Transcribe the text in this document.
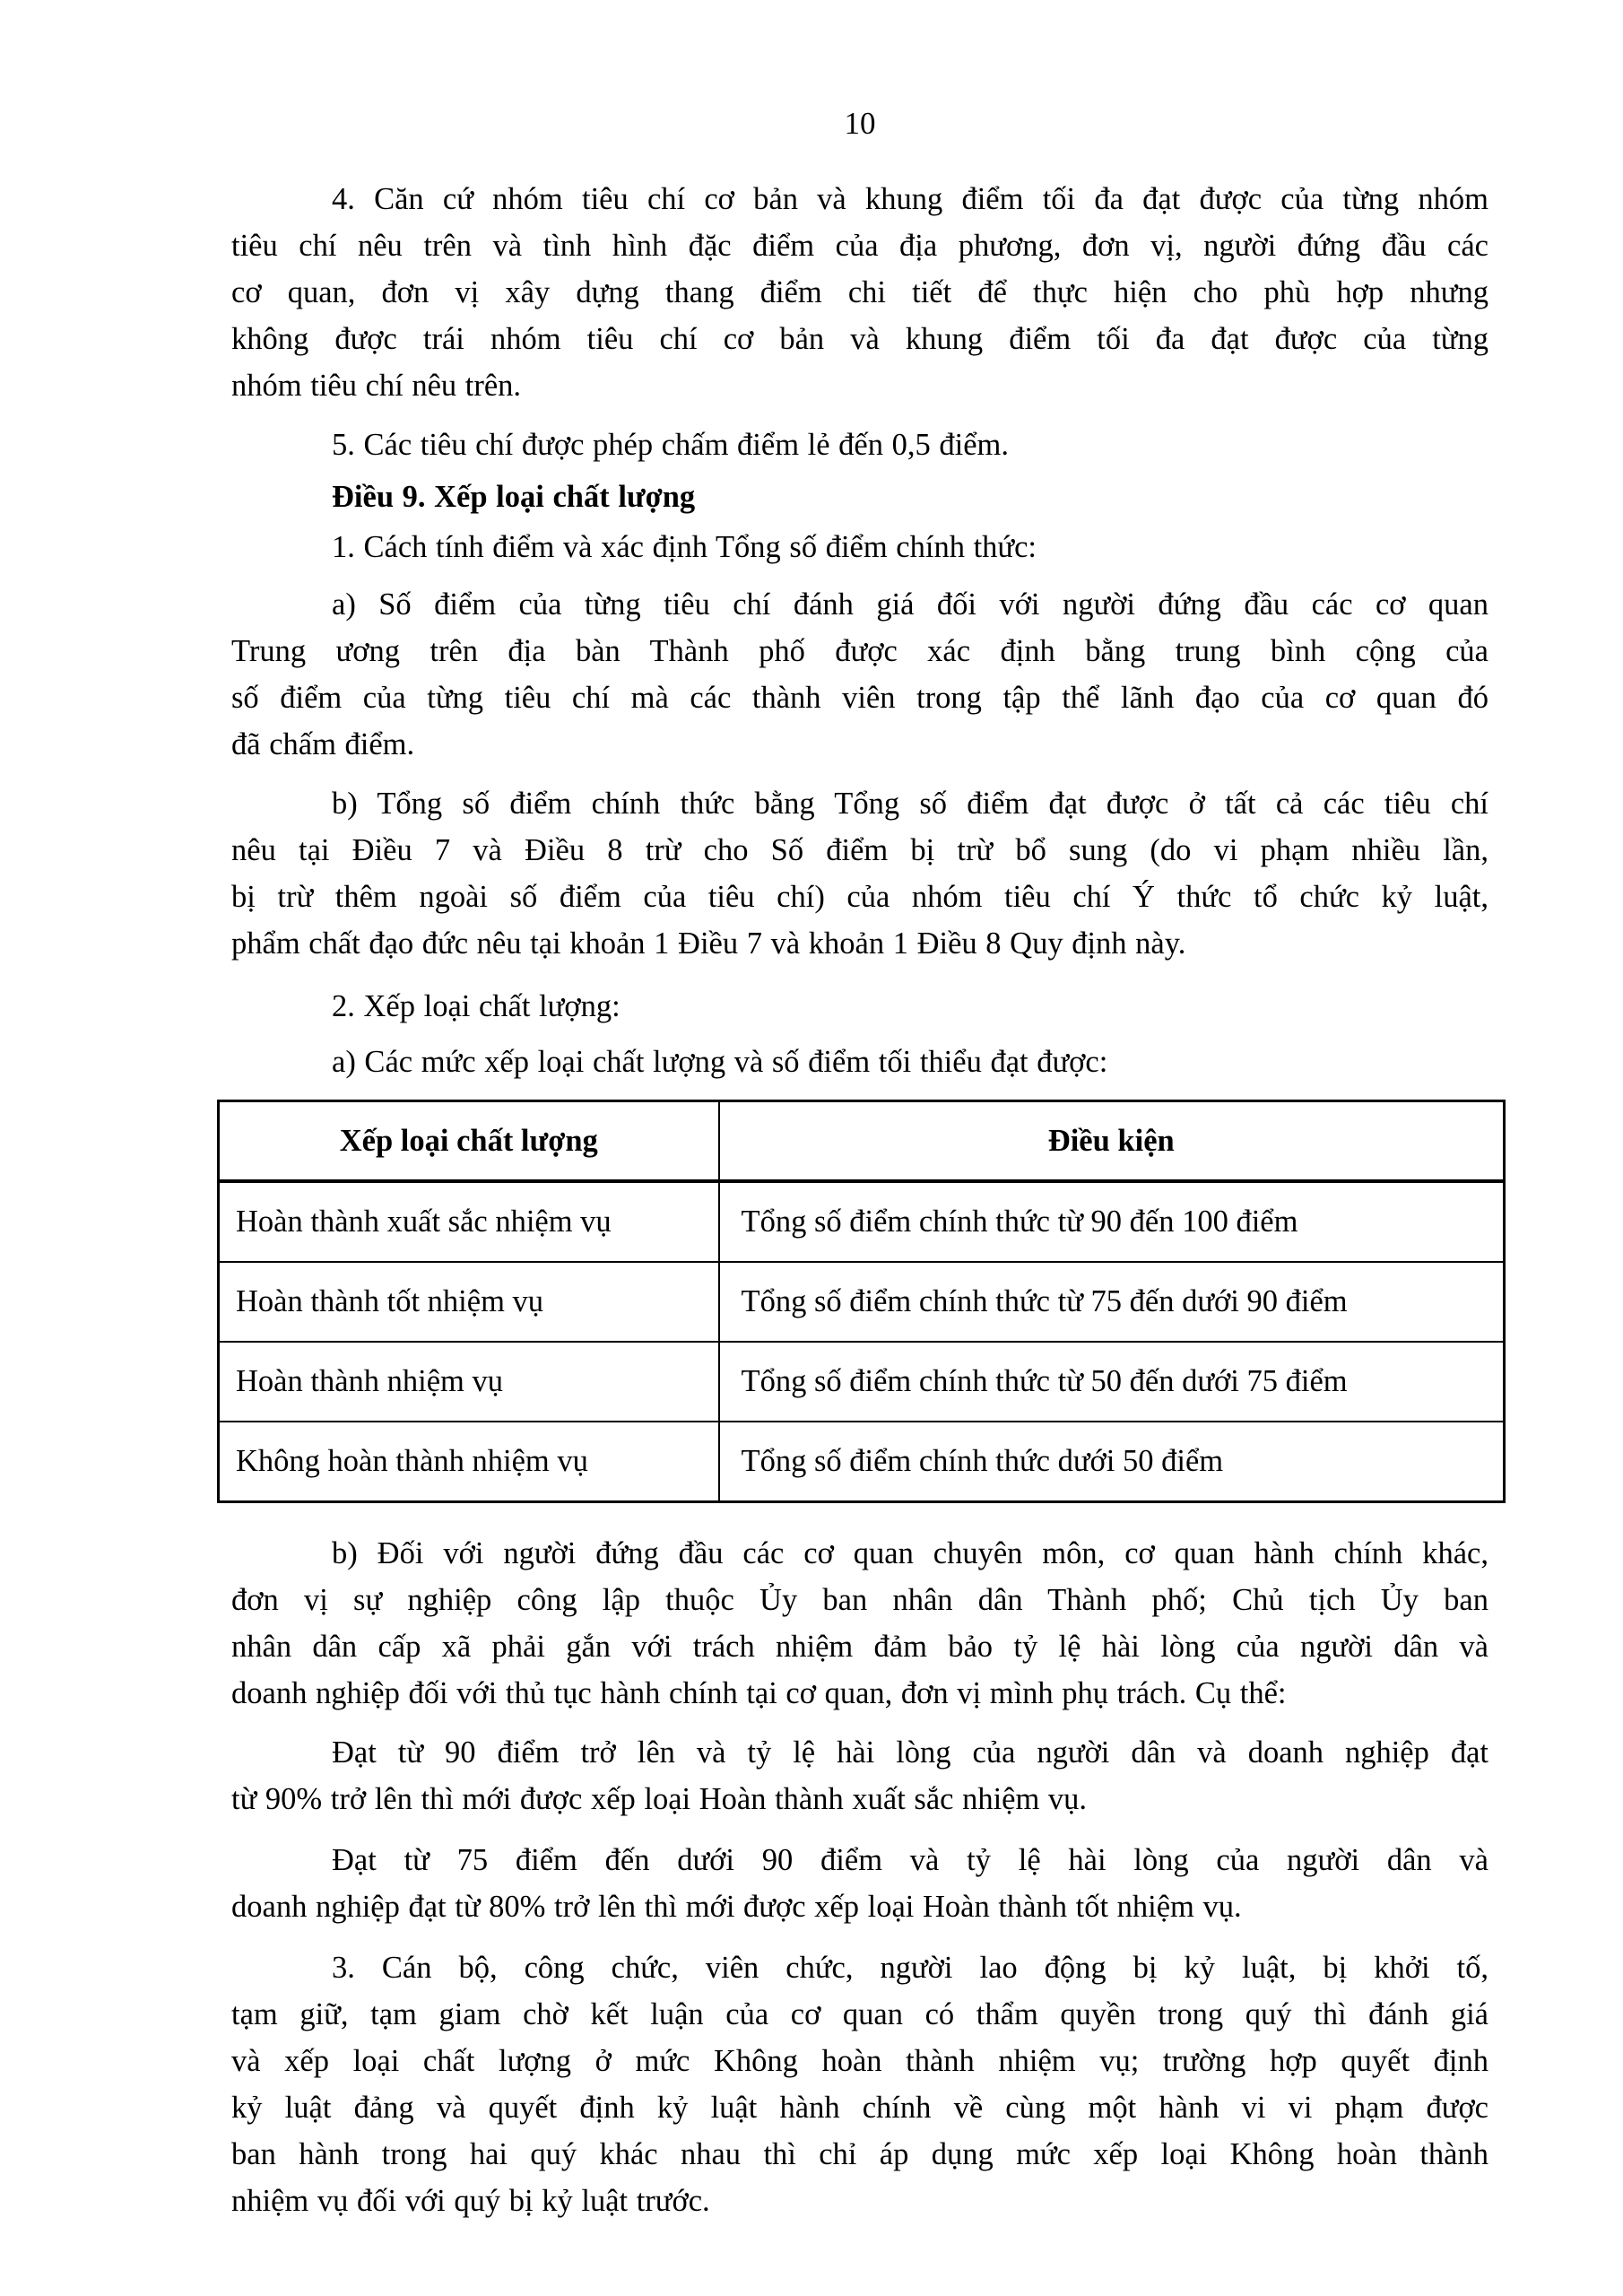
10
4. Căn cứ nhóm tiêu chí cơ bản và khung điểm tối đa đạt được của từng nhóm
tiêu chí nêu trên và tình hình đặc điểm của địa phương, đơn vị, người đứng đầu các
cơ quan, đơn vị xây dựng thang điểm chi tiết để thực hiện cho phù hợp nhưng
không được trái nhóm tiêu chí cơ bản và khung điểm tối đa đạt được của từng
nhóm tiêu chí nêu trên.
5. Các tiêu chí được phép chấm điểm lẻ đến 0,5 điểm.
Điều 9. Xếp loại chất lượng
1. Cách tính điểm và xác định Tổng số điểm chính thức:
a) Số điểm của từng tiêu chí đánh giá đối với người đứng đầu các cơ quan
Trung ương trên địa bàn Thành phố được xác định bằng trung bình cộng của
số điểm của từng tiêu chí mà các thành viên trong tập thể lãnh đạo của cơ quan đó
đã chấm điểm.
b) Tổng số điểm chính thức bằng Tổng số điểm đạt được ở tất cả các tiêu chí
nêu tại Điều 7 và Điều 8 trừ cho Số điểm bị trừ bổ sung (do vi phạm nhiều lần,
bị trừ thêm ngoài số điểm của tiêu chí) của nhóm tiêu chí Ý thức tổ chức kỷ luật,
phẩm chất đạo đức nêu tại khoản 1 Điều 7 và khoản 1 Điều 8 Quy định này.
2. Xếp loại chất lượng:
a) Các mức xếp loại chất lượng và số điểm tối thiểu đạt được:
Xếp loại chất lượng	Điều kiện
Hoàn thành xuất sắc nhiệm vụ	Tổng số điểm chính thức từ 90 đến 100 điểm
Hoàn thành tốt nhiệm vụ	Tổng số điểm chính thức từ 75 đến dưới 90 điểm
Hoàn thành nhiệm vụ	Tổng số điểm chính thức từ 50 đến dưới 75 điểm
Không hoàn thành nhiệm vụ	Tổng số điểm chính thức dưới 50 điểm
b) Đối với người đứng đầu các cơ quan chuyên môn, cơ quan hành chính khác,
đơn vị sự nghiệp công lập thuộc Ủy ban nhân dân Thành phố; Chủ tịch Ủy ban
nhân dân cấp xã phải gắn với trách nhiệm đảm bảo tỷ lệ hài lòng của người dân và
doanh nghiệp đối với thủ tục hành chính tại cơ quan, đơn vị mình phụ trách. Cụ thể:
Đạt từ 90 điểm trở lên và tỷ lệ hài lòng của người dân và doanh nghiệp đạt
từ 90% trở lên thì mới được xếp loại Hoàn thành xuất sắc nhiệm vụ.
Đạt từ 75 điểm đến dưới 90 điểm và tỷ lệ hài lòng của người dân và
doanh nghiệp đạt từ 80% trở lên thì mới được xếp loại Hoàn thành tốt nhiệm vụ.
3. Cán bộ, công chức, viên chức, người lao động bị kỷ luật, bị khởi tố,
tạm giữ, tạm giam chờ kết luận của cơ quan có thẩm quyền trong quý thì đánh giá
và xếp loại chất lượng ở mức Không hoàn thành nhiệm vụ; trường hợp quyết định
kỷ luật đảng và quyết định kỷ luật hành chính về cùng một hành vi vi phạm được
ban hành trong hai quý khác nhau thì chỉ áp dụng mức xếp loại Không hoàn thành
nhiệm vụ đối với quý bị kỷ luật trước.
